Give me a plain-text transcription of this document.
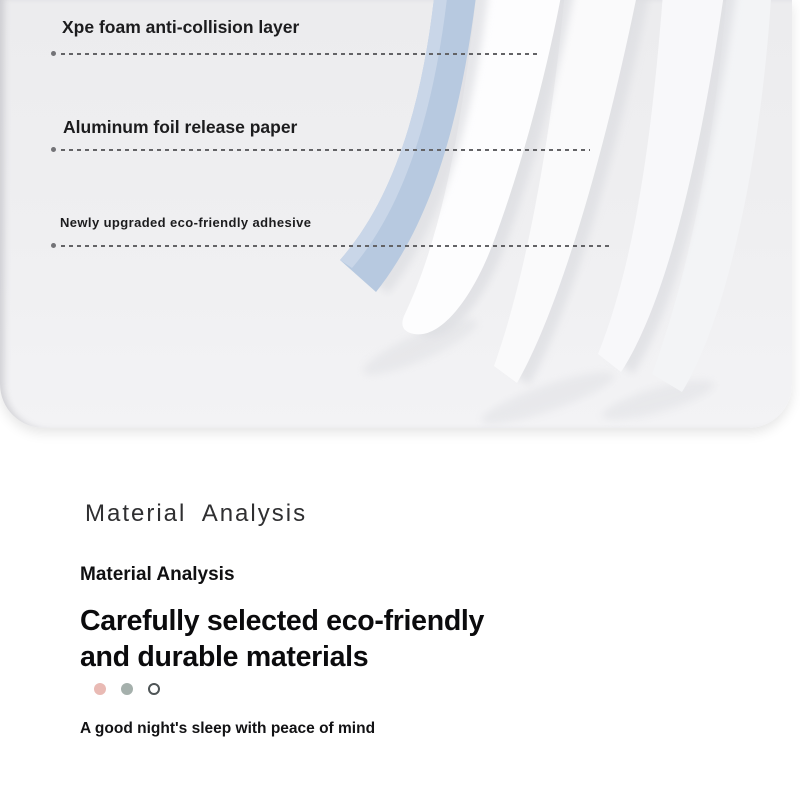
Xpe foam anti-collision layer
Aluminum foil release paper
Newly upgraded eco-friendly adhesive
Material Analysis
Material Analysis
Carefully selected eco-friendly
and durable materials
A good night's sleep with peace of mind
